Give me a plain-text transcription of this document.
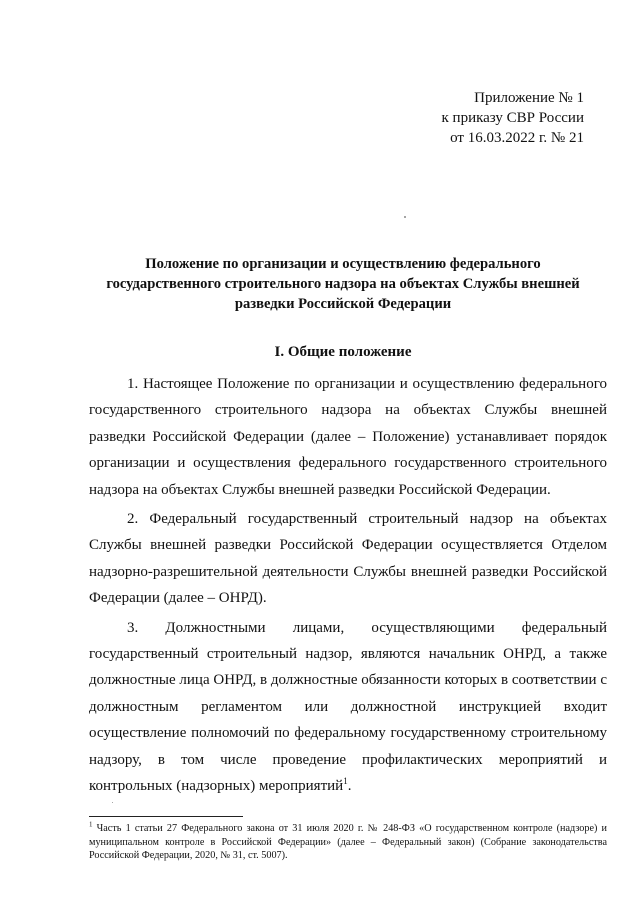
Приложение № 1
к приказу СВР России
от 16.03.2022 г. № 21
Положение по организации и осуществлению федерального
государственного строительного надзора на объектах Службы внешней
разведки Российской Федерации
I. Общие положение

1. Настоящее Положение по организации и осуществлению федерального государственного строительного надзора на объектах Службы внешней разведки Российской Федерации (далее – Положение) устанавливает порядок организации и осуществления федерального государственного строительного надзора на объектах Службы внешней разведки Российской Федерации.

2. Федеральный государственный строительный надзор на объектах Службы внешней разведки Российской Федерации осуществляется Отделом надзорно-разрешительной деятельности Службы внешней разведки Российской Федерации (далее – ОНРД).

3. Должностными лицами, осуществляющими федеральный государственный строительный надзор, являются начальник ОНРД, а также должностные лица ОНРД, в должностные обязанности которых в соответствии с должностным регламентом или должностной инструкцией входит осуществление полномочий по федеральному государственному строительному надзору, в том числе проведение профилактических мероприятий и контрольных (надзорных) мероприятий$^1$.

$^1$ Часть 1 статьи 27 Федерального закона от 31 июля 2020 г. № 248-ФЗ «О государственном контроле (надзоре) и муниципальном контроле в Российской Федерации» (далее – Федеральный закон) (Собрание законодательства Российской Федерации, 2020, № 31, ст. 5007).
